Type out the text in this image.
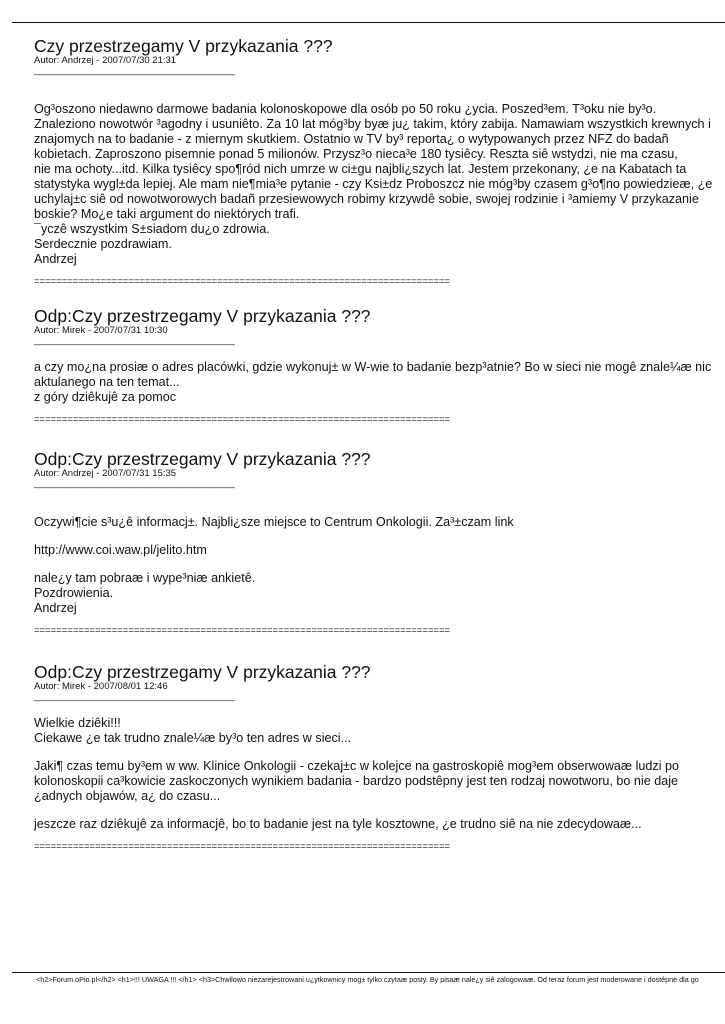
Czy przestrzegamy V przykazania ???
Autor: Andrzej - 2007/07/30 21:31
______________________________________

Og³oszono niedawno darmowe badania kolonoskopowe dla osób po 50 roku ¿ycia. Poszed³em. T³oku nie by³o.
Znaleziono nowotwór ³agodny i usuniêto. Za 10 lat móg³by byæ ju¿ takim, który zabija. Namawiam wszystkich krewnych i znajomych na to badanie - z miernym skutkiem. Ostatnio w TV by³ reporta¿ o wytypowanych przez NFZ do badañ kobietach. Zaproszono pisemnie ponad 5 milionów. Przysz³o nieca³e 180 tysiêcy. Reszta siê wstydzi, nie ma czasu,
nie ma ochoty...itd. Kilka tysiêcy spo¶ród nich umrze w ci±gu najbli¿szych lat. Jestem przekonany, ¿e na Kabatach ta statystyka wygl±da lepiej. Ale mam nie¶mia³e pytanie - czy Ksi±dz Proboszcz nie móg³by czasem g³o¶no powiedzieæ, ¿e uchylaj±c siê od nowotworowych badañ przesiewowych robimy krzywdê sobie, swojej rodzinie i ³amiemy V przykazanie boskie? Mo¿e taki argument do niektórych trafi.
¯yczê wszystkim S±siadom du¿o zdrowia.
Serdecznie pozdrawiam.
Andrzej

===========================================================================
Odp:Czy przestrzegamy V przykazania ???
Autor: Mirek - 2007/07/31 10:30
______________________________________

a czy mo¿na prosiæ o adres placówki, gdzie wykonuj± w W-wie to badanie bezp³atnie? Bo w sieci nie mogê znale¼æ nic aktulanego na ten temat...
z góry dziêkujê za pomoc

===========================================================================
Odp:Czy przestrzegamy V przykazania ???
Autor: Andrzej - 2007/07/31 15:35
______________________________________

Oczywi¶cie s³u¿ê informacj±. Najbli¿sze miejsce to Centrum Onkologii. Za³±czam link

http://www.coi.waw.pl/jelito.htm

nale¿y tam pobraæ i wype³niæ ankietê.
Pozdrowienia.
Andrzej

===========================================================================
Odp:Czy przestrzegamy V przykazania ???
Autor: Mirek - 2007/08/01 12:46
______________________________________

Wielkie dziêki!!!
Ciekawe ¿e tak trudno znale¼æ by³o ten adres w sieci...

Jaki¶ czas temu by³em w ww. Klinice Onkologii - czekaj±c w kolejce na gastroskopiê mog³em obserwowaæ ludzi po kolonoskopii ca³kowicie zaskoczonych wynikiem badania - bardzo podstêpny jest ten rodzaj nowotworu, bo nie daje ¿adnych objawów, a¿ do czasu...

jeszcze raz dziêkujê za informacjê, bo to badanie jest na tyle kosztowne, ¿e trudno siê na nie zdecydowaæ...

===========================================================================
<h2>Forum.oPio.pl</h2> <h1>!!! UWAGA !!! </h1> <h3>Chwilowo niezarejestrowani u¿ytkownicy mog± tylko czytaæ posty. By pisaæ nale¿y siê zalogowaæ. Od teraz forum jest moderowane i dostêpne dla go
